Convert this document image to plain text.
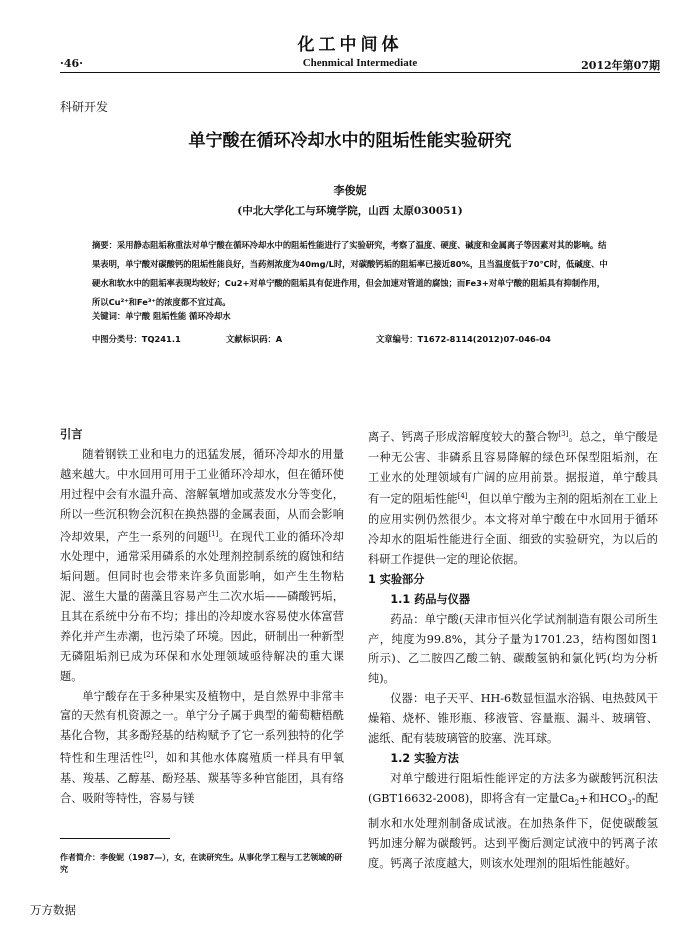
化工中间体
·46·	Chenmical Intermediate	2012年第07期
科研开发
单宁酸在循环冷却水中的阻垢性能实验研究
李俊妮
(中北大学化工与环境学院，山西 太原030051)
摘要：采用静态阻垢称重法对单宁酸在循环冷却水中的阻垢性能进行了实验研究，考察了温度、硬度、碱度和金属离子等因素对其的影响。结果表明，单宁酸对碳酸钙的阻垢性能良好，当药剂浓度为40mg/L时，对碳酸钙垢的阻垢率已接近80%，且当温度低于70℃时，低碱度、中硬水和软水中的阻垢率表现均较好；Cu2+对单宁酸的阻垢具有促进作用，但会加速对管道的腐蚀；而Fe3+对单宁酸的阻垢具有抑制作用，所以Cu²⁺和Fe³⁺的浓度都不宜过高。
关键词：单宁酸 阻垢性能 循环冷却水
中图分类号：TQ241.1	文献标识码：A	文章编号：T1672-8114(2012)07-046-04

引言

随着钢铁工业和电力的迅猛发展，循环冷却水的用量越来越大。中水回用可用于工业循环冷却水，但在循环使用过程中会有水温升高、溶解氧增加或蒸发水分等变化，所以一些沉积物会沉积在换热器的金属表面，从而会影响冷却效果，产生一系列的问题[1]。在现代工业的循环冷却水处理中，通常采用磷系的水处理剂控制系统的腐蚀和结垢问题。但同时也会带来许多负面影响，如产生生物粘泥、滋生大量的菌藻且容易产生二次水垢——磷酸钙垢，且其在系统中分布不均；排出的冷却废水容易使水体富营养化并产生赤潮，也污染了环境。因此，研制出一种新型无磷阻垢剂已成为环保和水处理领域亟待解决的重大课题。

单宁酸存在于多种果实及植物中，是自然界中非常丰富的天然有机资源之一。单宁分子属于典型的葡萄糖梧酰基化合物，其多酚羟基的结构赋予了它一系列独特的化学特性和生理活性[2]，如和其他水体腐殖质一样具有甲氧基、羧基、乙醇基、酚羟基、羰基等多种官能团，具有络合、吸附等特性，容易与镁

离子、钙离子形成溶解度较大的螯合物[3]。总之，单宁酸是一种无公害、非磷系且容易降解的绿色环保型阻垢剂，在工业水的处理领域有广阔的应用前景。据报道，单宁酸具有一定的阻垢性能[4]，但以单宁酸为主剂的阻垢剂在工业上的应用实例仍然很少。本文将对单宁酸在中水回用于循环冷却水的阻垢性能进行全面、细致的实验研究，为以后的科研工作提供一定的理论依据。

1 实验部分

1.1 药品与仪器

药品：单宁酸(天津市恒兴化学试剂制造有限公司所生产，纯度为99.8%，其分子量为1701.23，结构图如图1所示)、乙二胺四乙酸二钠、碳酸氢钠和氯化钙(均为分析纯)。

仪器：电子天平、HH-6数显恒温水浴锅、电热鼓风干燥箱、烧杯、锥形瓶、移液管、容量瓶、漏斗、玻璃管、滤纸、配有装玻璃管的胶塞、洗耳球。

1.2 实验方法

对单宁酸进行阻垢性能评定的方法多为碳酸钙沉积法(GBT16632-2008)，即将含有一定量$Ca_2+$和$HCO_3-$的配制水和水处理剂制备成试液。在加热条件下，促使碳酸氢钙加速分解为碳酸钙。达到平衡后测定试液中的钙离子浓度。钙离子浓度越大，则该水处理剂的阻垢性能越好。

作者简介：李俊妮（1987—），女，在读研究生。从事化学工程与工艺领域的研究
万方数据
